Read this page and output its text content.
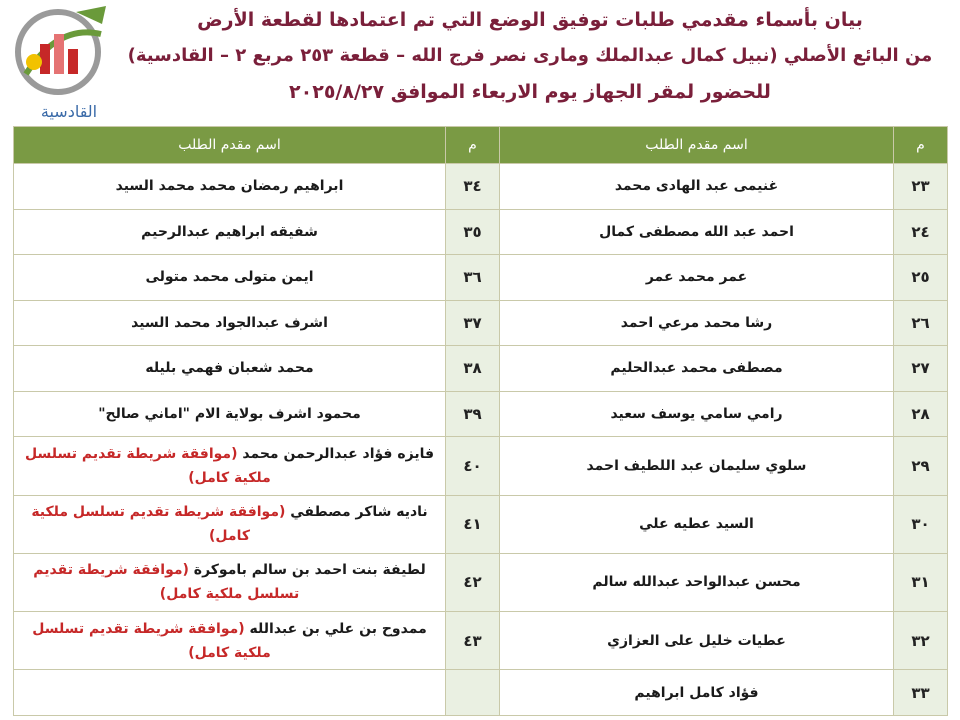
القادسية
بيان بأسماء مقدمي طلبات توفيق الوضع التي تم اعتمادها لقطعة الأرض
من البائع الأصلي (نبيل كمال عبدالملك ومارى نصر فرج الله – قطعة ٢٥٣ مربع ٢ – القادسية)
للحضور لمقر الجهاز يوم الاربعاء الموافق ٢٠٢٥/٨/٢٧
م	اسم مقدم الطلب	م	اسم مقدم الطلب
٢٣	غنيمى عبد الهادى محمد	٣٤	ابراهيم رمضان محمد محمد السيد
٢٤	احمد عبد الله مصطفى كمال	٣٥	شفيقه ابراهيم عبدالرحيم
٢٥	عمر محمد عمر	٣٦	ايمن متولى محمد متولى
٢٦	رشا محمد مرعي احمد	٣٧	اشرف عبدالجواد محمد السيد
٢٧	مصطفى محمد عبدالحليم	٣٨	محمد شعبان فهمي بليله
٢٨	رامي سامي يوسف سعيد	٣٩	محمود اشرف بولاية الام "اماني صالح"
٢٩	سلوي سليمان عبد اللطيف احمد	٤٠	فايزه فؤاد عبدالرحمن محمد (موافقة شريطة تقديم تسلسل ملكية كامل)
٣٠	السيد عطيه علي	٤١	ناديه شاكر مصطفي (موافقة شريطة تقديم تسلسل ملكية كامل)
٣١	محسن عبدالواحد عبدالله سالم	٤٢	لطيفة بنت احمد بن سالم باموكرة (موافقة شريطة تقديم تسلسل ملكية كامل)
٣٢	عطيات خليل على العزازي	٤٣	ممدوح بن علي بن عبدالله (موافقة شريطة تقديم تسلسل ملكية كامل)
٣٣	فؤاد كامل ابراهيم		
